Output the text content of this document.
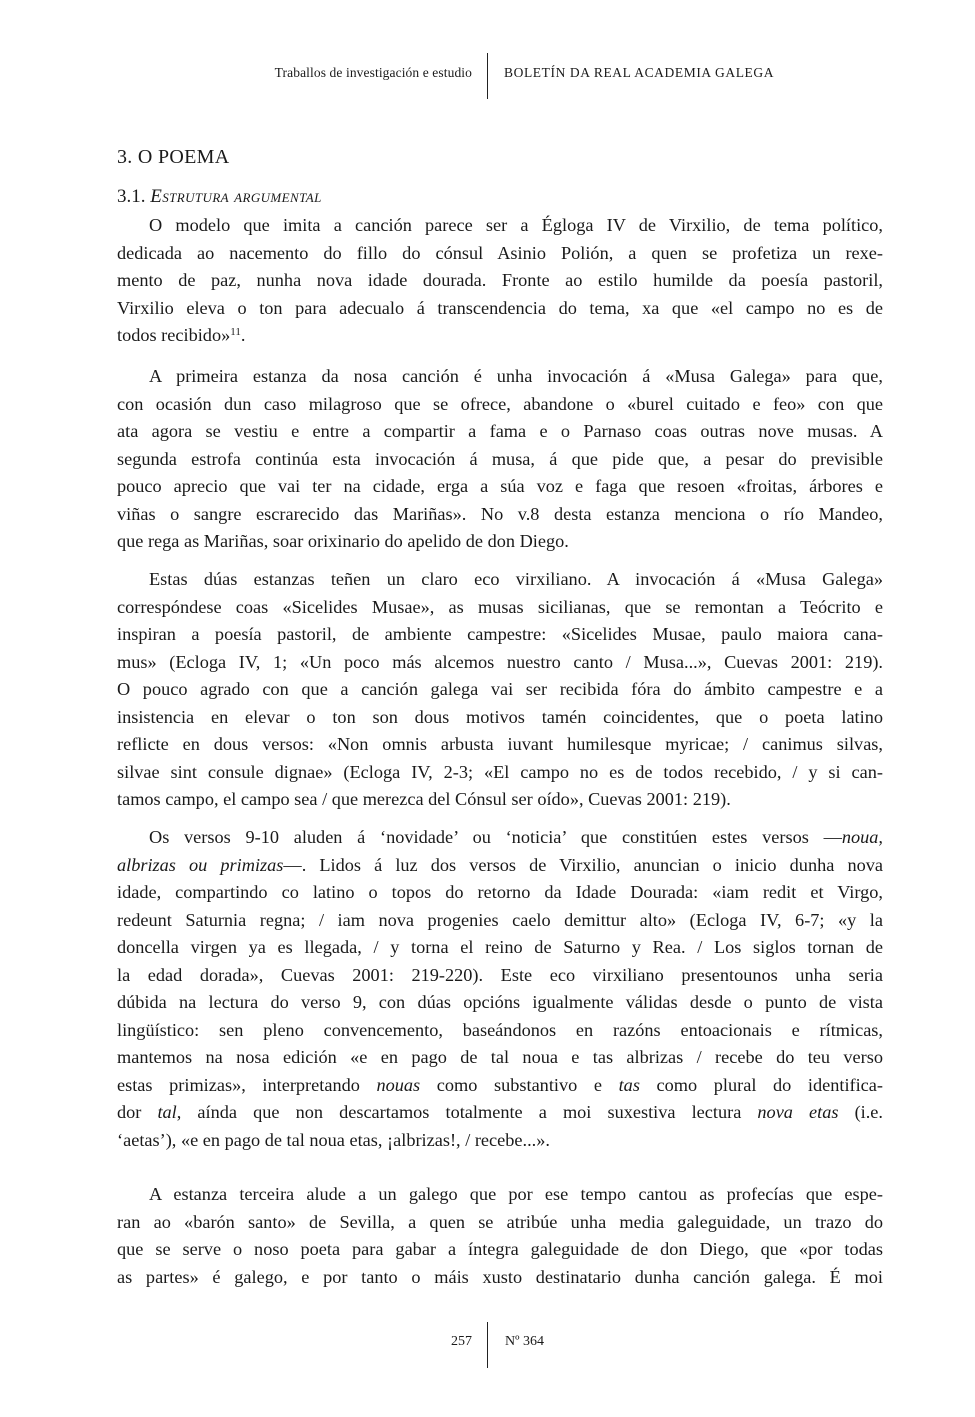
Traballos de investigación e estudio BOLETÍN DA REAL ACADEMIA GALEGA
3. O POEMA
3.1. Estrutura argumental
O modelo que imita a canción parece ser a Égloga IV de Virxilio, de tema político,
dedicada ao nacemento do fillo do cónsul Asinio Polión, a quen se profetiza un rexe-
mento de paz, nunha nova idade dourada. Fronte ao estilo humilde da poesía pastoril,
Virxilio eleva o ton para adecualo á transcendencia do tema, xa que «el campo no es de
todos recibido»$^{11}$.
A primeira estanza da nosa canción é unha invocación á «Musa Galega» para que,
con ocasión dun caso milagroso que se ofrece, abandone o «burel cuitado e feo» con que
ata agora se vestiu e entre a compartir a fama e o Parnaso coas outras nove musas. A
segunda estrofa continúa esta invocación á musa, á que pide que, a pesar do previsible
pouco aprecio que vai ter na cidade, erga a súa voz e faga que resoen «froitas, árbores e
viñas o sangre escrarecido das Mariñas». No v.8 desta estanza menciona o río Mandeo,
que rega as Mariñas, soar orixinario do apelido de don Diego.
Estas dúas estanzas teñen un claro eco virxiliano. A invocación á «Musa Galega»
correspóndese coas «Sicelides Musae», as musas sicilianas, que se remontan a Teócrito e
inspiran a poesía pastoril, de ambiente campestre: «Sicelides Musae, paulo maiora cana-
mus» (Ecloga IV, 1; «Un poco más alcemos nuestro canto / Musa...», Cuevas 2001: 219).
O pouco agrado con que a canción galega vai ser recibida fóra do ámbito campestre e a
insistencia en elevar o ton son dous motivos tamén coincidentes, que o poeta latino
reflicte en dous versos: «Non omnis arbusta iuvant humilesque myricae; / canimus silvas,
silvae sint consule dignae» (Ecloga IV, 2-3; «El campo no es de todos recebido, / y si can-
tamos campo, el campo sea / que merezca del Cónsul ser oído», Cuevas 2001: 219).
Os versos 9-10 aluden á ‘novidade’ ou ‘noticia’ que constitúen estes versos —noua,
albrizas ou primizas—. Lidos á luz dos versos de Virxilio, anuncian o inicio dunha nova
idade, compartindo co latino o topos do retorno da Idade Dourada: «iam redit et Virgo,
redeunt Saturnia regna; / iam nova progenies caelo demittur alto» (Ecloga IV, 6-7; «y la
doncella virgen ya es llegada, / y torna el reino de Saturno y Rea. / Los siglos tornan de
la edad dorada», Cuevas 2001: 219-220). Este eco virxiliano presentounos unha seria
dúbida na lectura do verso 9, con dúas opcións igualmente válidas desde o punto de vista
lingüístico: sen pleno convencemento, baseándonos en razóns entoacionais e rítmicas,
mantemos na nosa edición «e en pago de tal noua e tas albrizas / recebe do teu verso
estas primizas», interpretando nouas como substantivo e tas como plural do identifica-
dor tal, aínda que non descartamos totalmente a moi suxestiva lectura nova etas (i.e.
‘aetas’), «e en pago de tal noua etas, ¡albrizas!, / recebe...».
A estanza terceira alude a un galego que por ese tempo cantou as profecías que espe-
ran ao «barón santo» de Sevilla, a quen se atribúe unha media galeguidade, un trazo do
que se serve o noso poeta para gabar a íntegra galeguidade de don Diego, que «por todas
as partes» é galego, e por tanto o máis xusto destinatario dunha canción galega. É moi
257 Nº 364
